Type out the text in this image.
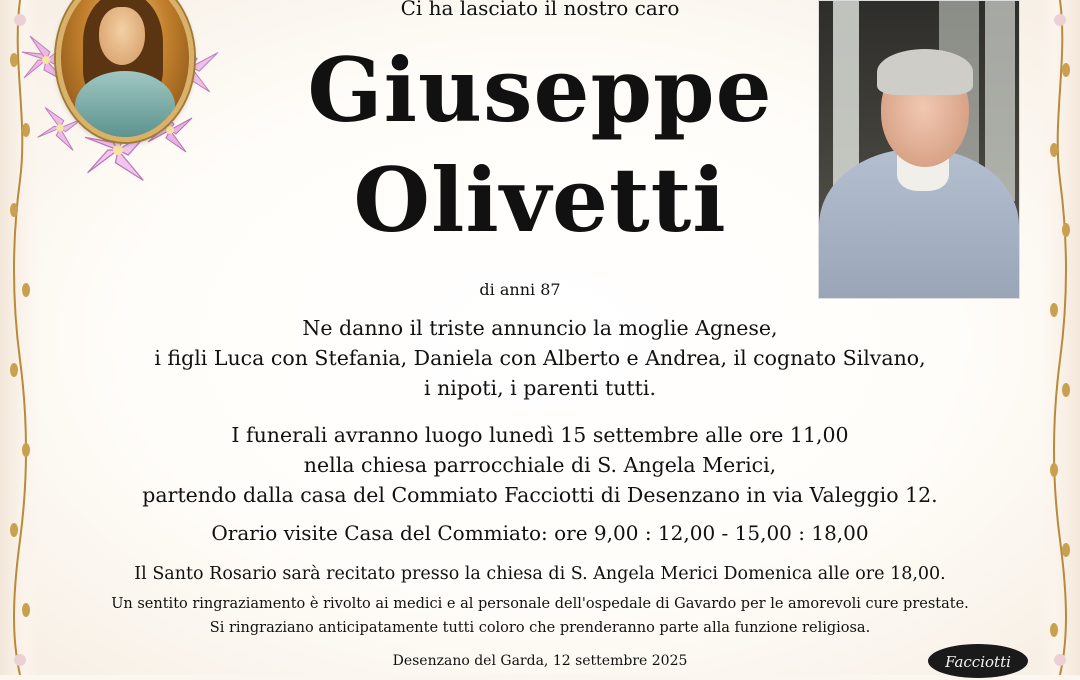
Ci ha lasciato il nostro caro
Giuseppe
Olivetti
di anni 87
Ne danno il triste annuncio la moglie Agnese,
i figli Luca con Stefania, Daniela con Alberto e Andrea, il cognato Silvano,
i nipoti, i parenti tutti.
I funerali avranno luogo lunedì 15 settembre alle ore 11,00
nella chiesa parrocchiale di S. Angela Merici,
partendo dalla casa del Commiato Facciotti di Desenzano in via Valeggio 12.
Orario visite Casa del Commiato: ore 9,00 : 12,00 - 15,00 : 18,00
Il Santo Rosario sarà recitato presso la chiesa di S. Angela Merici Domenica alle ore 18,00.
Un sentito ringraziamento è rivolto ai medici e al personale dell'ospedale di Gavardo per le amorevoli cure prestate.
Si ringraziano anticipatamente tutti coloro che prenderanno parte alla funzione religiosa.
Desenzano del Garda, 12 settembre 2025	Facciotti
